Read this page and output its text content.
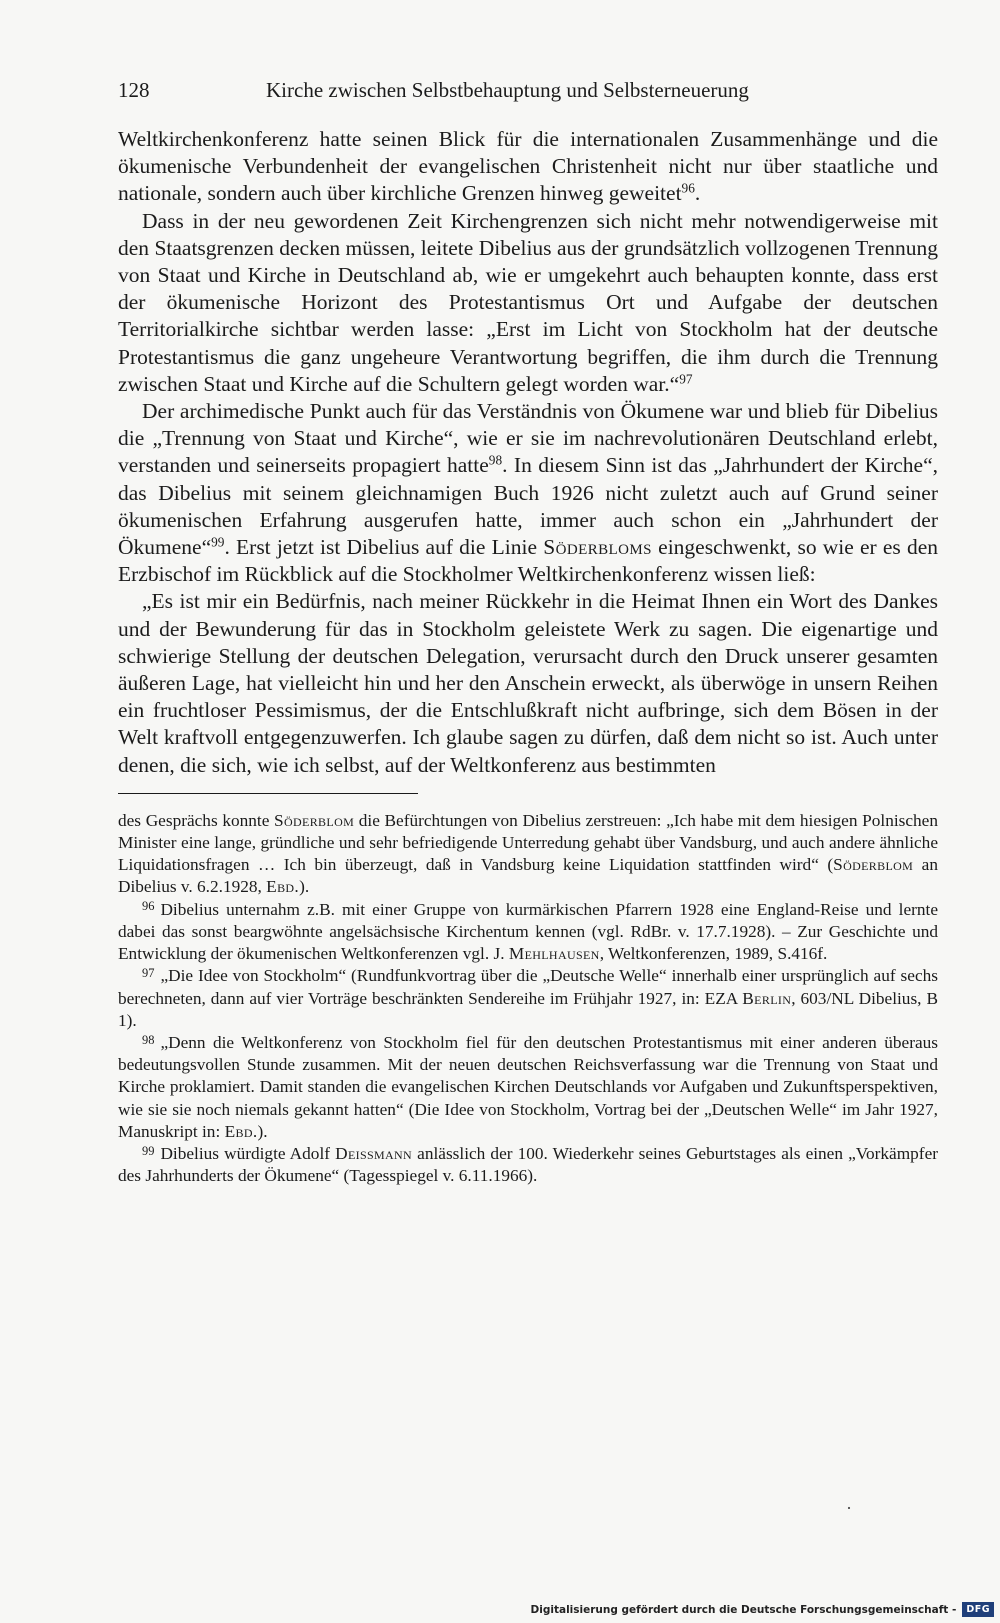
128	Kirche zwischen Selbstbehauptung und Selbsterneuerung

Weltkirchenkonferenz hatte seinen Blick für die internationalen Zusammenhänge und die ökumenische Verbundenheit der evangelischen Christenheit nicht nur über staatliche und nationale, sondern auch über kirchliche Grenzen hinweg geweitet$^{96}$.

Dass in der neu gewordenen Zeit Kirchengrenzen sich nicht mehr notwendigerweise mit den Staatsgrenzen decken müssen, leitete Dibelius aus der grundsätzlich vollzogenen Trennung von Staat und Kirche in Deutschland ab, wie er umgekehrt auch behaupten konnte, dass erst der ökumenische Horizont des Protestantismus Ort und Aufgabe der deutschen Territorialkirche sichtbar werden lasse: „Erst im Licht von Stockholm hat der deutsche Protestantismus die ganz ungeheure Verantwortung begriffen, die ihm durch die Trennung zwischen Staat und Kirche auf die Schultern gelegt worden war.“$^{97}$

Der archimedische Punkt auch für das Verständnis von Ökumene war und blieb für Dibelius die „Trennung von Staat und Kirche“, wie er sie im nachrevolutionären Deutschland erlebt, verstanden und seinerseits propagiert hatte$^{98}$. In diesem Sinn ist das „Jahrhundert der Kirche“, das Dibelius mit seinem gleichnamigen Buch 1926 nicht zuletzt auch auf Grund seiner ökumenischen Erfahrung ausgerufen hatte, immer auch schon ein „Jahrhundert der Ökumene“$^{99}$. Erst jetzt ist Dibelius auf die Linie Söderbloms eingeschwenkt, so wie er es den Erzbischof im Rückblick auf die Stockholmer Weltkirchenkonferenz wissen ließ:

„Es ist mir ein Bedürfnis, nach meiner Rückkehr in die Heimat Ihnen ein Wort des Dankes und der Bewunderung für das in Stockholm geleistete Werk zu sagen. Die eigenartige und schwierige Stellung der deutschen Delegation, verursacht durch den Druck unserer gesamten äußeren Lage, hat vielleicht hin und her den Anschein erweckt, als überwöge in unsern Reihen ein fruchtloser Pessimismus, der die Entschlußkraft nicht aufbringe, sich dem Bösen in der Welt kraftvoll entgegenzuwerfen. Ich glaube sagen zu dürfen, daß dem nicht so ist. Auch unter denen, die sich, wie ich selbst, auf der Weltkonferenz aus bestimmten

des Gesprächs konnte Söderblom die Befürchtungen von Dibelius zerstreuen: „Ich habe mit dem hiesigen Polnischen Minister eine lange, gründliche und sehr befriedigende Unterredung gehabt über Vandsburg, und auch andere ähnliche Liquidationsfragen … Ich bin überzeugt, daß in Vandsburg keine Liquidation stattfinden wird“ (Söderblom an Dibelius v. 6.2.1928, Ebd.).

$^{96}$ Dibelius unternahm z.B. mit einer Gruppe von kurmärkischen Pfarrern 1928 eine England-Reise und lernte dabei das sonst beargwöhnte angelsächsische Kirchentum kennen (vgl. RdBr. v. 17.7.1928). – Zur Geschichte und Entwicklung der ökumenischen Weltkonferenzen vgl. J. Mehlhausen, Weltkonferenzen, 1989, S.416f.

$^{97}$ „Die Idee von Stockholm“ (Rundfunkvortrag über die „Deutsche Welle“ innerhalb einer ursprünglich auf sechs berechneten, dann auf vier Vorträge beschränkten Sendereihe im Frühjahr 1927, in: EZA Berlin, 603/NL Dibelius, B 1).

$^{98}$ „Denn die Weltkonferenz von Stockholm fiel für den deutschen Protestantismus mit einer anderen überaus bedeutungsvollen Stunde zusammen. Mit der neuen deutschen Reichsverfassung war die Trennung von Staat und Kirche proklamiert. Damit standen die evangelischen Kirchen Deutschlands vor Aufgaben und Zukunftsperspektiven, wie sie sie noch niemals gekannt hatten“ (Die Idee von Stockholm, Vortrag bei der „Deutschen Welle“ im Jahr 1927, Manuskript in: Ebd.).

$^{99}$ Dibelius würdigte Adolf Deissmann anlässlich der 100. Wiederkehr seines Geburtstages als einen „Vorkämpfer des Jahrhunderts der Ökumene“ (Tagesspiegel v. 6.11.1966).

·
Digitalisierung gefördert durch die Deutsche Forschungsgemeinschaft -	DFG
